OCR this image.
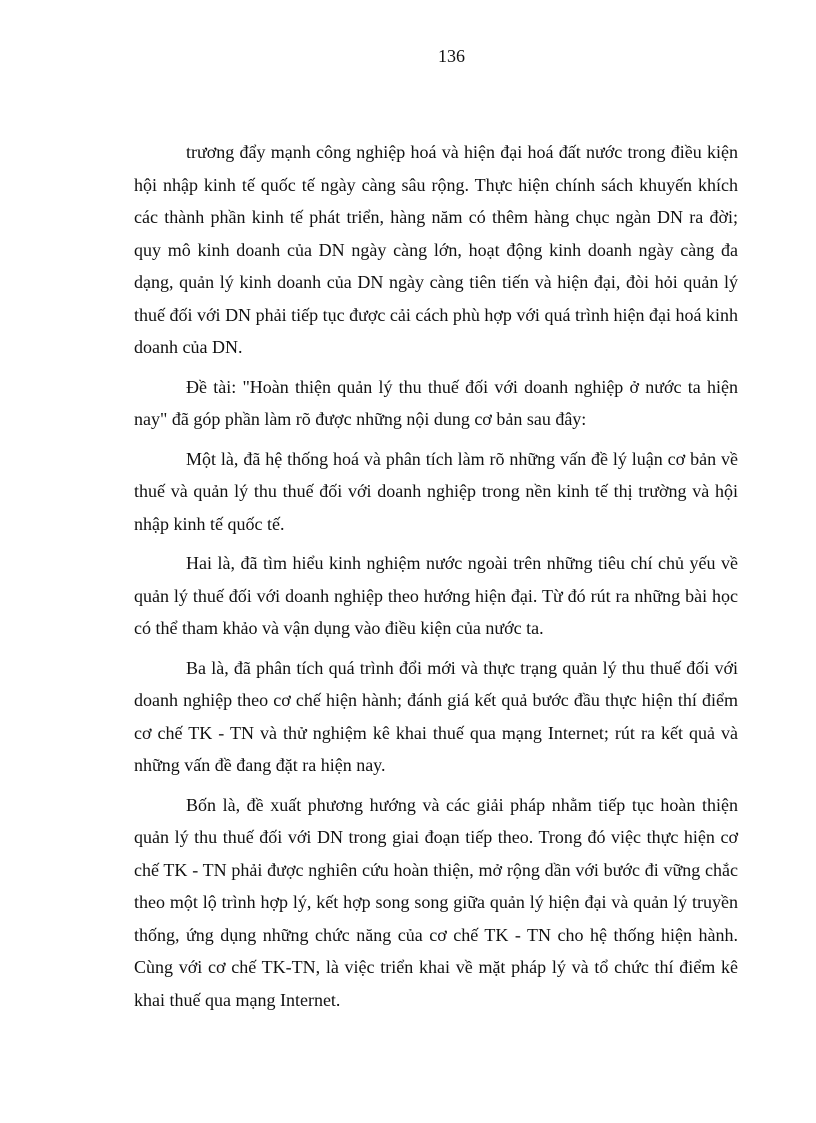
136

trương đẩy mạnh công nghiệp hoá và hiện đại hoá đất nước trong điều kiện hội nhập kinh tế quốc tế ngày càng sâu rộng. Thực hiện chính sách khuyến khích các thành phần kinh tế phát triển, hàng năm có thêm hàng chục ngàn DN ra đời; quy mô kinh doanh của DN ngày càng lớn, hoạt động kinh doanh ngày càng đa dạng, quản lý kinh doanh của DN ngày càng tiên tiến và hiện đại, đòi hỏi quản lý thuế đối với DN phải tiếp tục được cải cách phù hợp với quá trình hiện đại hoá kinh doanh của DN.

Đề tài: "Hoàn thiện quản lý thu thuế đối với doanh nghiệp ở nước ta hiện nay" đã góp phần làm rõ được những nội dung cơ bản sau đây:

Một là, đã hệ thống hoá và phân tích làm rõ những vấn đề lý luận cơ bản về thuế và quản lý thu thuế đối với doanh nghiệp trong nền kinh tế thị trường và hội nhập kinh tế quốc tế.

Hai là, đã tìm hiểu kinh nghiệm nước ngoài trên những tiêu chí chủ yếu về quản lý thuế đối với doanh nghiệp theo hướng hiện đại. Từ đó rút ra những bài học có thể tham khảo và vận dụng vào điều kiện của nước ta.

Ba là, đã phân tích quá trình đổi mới và thực trạng quản lý thu thuế đối với doanh nghiệp theo cơ chế hiện hành; đánh giá kết quả bước đầu thực hiện thí điểm cơ chế TK - TN và thử nghiệm kê khai thuế qua mạng Internet; rút ra kết quả và những vấn đề đang đặt ra hiện nay.

Bốn là, đề xuất phương hướng và các giải pháp nhằm tiếp tục hoàn thiện quản lý thu thuế đối với DN trong giai đoạn tiếp theo. Trong đó việc thực hiện cơ chế TK - TN phải được nghiên cứu hoàn thiện, mở rộng dần với bước đi vững chắc theo một lộ trình hợp lý, kết hợp song song giữa quản lý hiện đại và quản lý truyền thống, ứng dụng những chức năng của cơ chế TK - TN cho hệ thống hiện hành. Cùng với cơ chế TK-TN, là việc triển khai về mặt pháp lý và tổ chức thí điểm kê khai thuế qua mạng Internet.
